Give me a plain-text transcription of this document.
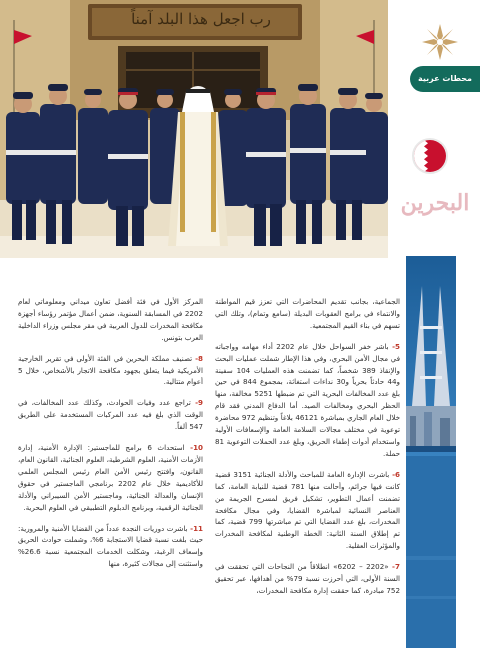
رب اجعل هذا البلد آمناً
محطات عربية
البحرين

الجماعية، بجانب تقديم المحاضرات التي تعزز قيم المواطنة والانتماء في برامج العقوبات البديلة (سامع وتمام)، وتلك التي تسهم في بناء القيم المجتمعية.

5- باشر خفر السواحل خلال عام 2202 أداء مهامه وواجباته في مجال الأمن البحري، وفي هذا الإطار شملت عمليات البحث والإنقاذ 389 شخصاً، كما تضمنت هذه العمليات 104 سفينة و44 حادثاً بحرياً و30 نداءات استغاثة، بمجموع 844 في حين بلغ عدد المخالفات البحرية التي تم ضبطها 5251 مخالفة، منها الحظر البحري ومخالفات الصيد. أما الدفاع المدني فقد قام خلال العام الجاري بمباشرة 46121 بلاغاً وتنظيم 972 محاضرة توعوية في مختلف مجالات السلامة العامة والإسعافات الأولية واستخدام أدوات إطفاء الحريق، وبلغ عدد الحملات التوعوية 81 حملة.

6- باشرت الإدارة العامة للمباحث والأدلة الجنائية 3151 قضية كانت فيها جرائم، وأحالت منها 781 قضية للنيابة العامة، كما تضمنت أعمال التطوير، تشكيل فريق لمسرح الجريمة من العناصر النسائية لمباشرة القضايا، وفي مجال مكافحة المخدرات، بلغ عدد القضايا التي تم مباشرتها 799 قضية، كما تم إطلاق السنة الثانية: الخطة الوطنية لمكافحة المخدرات والمؤثرات العقلية.

7- «2202 – 6202» انطلاقاً من النجاحات التي تحققت في السنة الأولى، التي أحرزت نسبة 79% من أهدافها، عبر تحقيق 752 مبادرة، كما حققت إدارة مكافحة المخدرات،

المركز الأول في فئة أفضل تعاون ميداني ومعلوماتي لعام 2202 في المسابقة السنوية، ضمن أعمال مؤتمر رؤساء أجهزة مكافحة المخدرات للدول العربية في مقر مجلس وزراء الداخلية العرب بتونس.

8- تصنيف مملكة البحرين في الفئة الأولى في تقرير الخارجية الأمريكية فيما يتعلق بجهود مكافحة الاتجار بالأشخاص، خلال 5 أعوام متتالية.

9- تراجع عدد وفيات الحوادث، وكذلك عدد المخالفات، في الوقت الذي بلغ فيه عدد المركبات المستخدمة على الطريق 547 ألفاً.

10- استحداث 6 برامج للماجستير: الإدارة الأمنية، إدارة الأزمات الأمنية، العلوم الشرطية، العلوم الجنائية، القانون العام، القانون، وافتتح رئيس الأمن العام رئيس المجلس العلمي للأكاديمية خلال عام 2202 برنامجي الماجستير في حقوق الإنسان والعدالة الجنائية، وماجستير الأمن السيبراني والأدلة الجنائية الرقمية، وبرنامج الدبلوم التطبيقي في العلوم البحرية.

11- باشرت دوريات النجدة عدداً من القضايا الأمنية والمرورية: حيث بلغت نسبة قضايا الاستجابة 6%، وشملت حوادث الحريق وإسعاف الرغبة، وشكلت الخدمات المجتمعية نسبة 26.6% واستثنت إلى مجالات كثيرة، منها
